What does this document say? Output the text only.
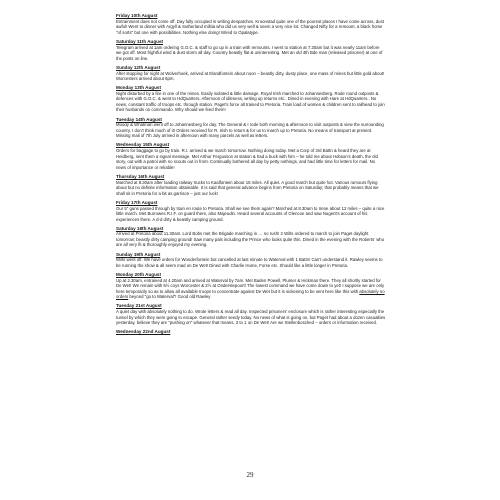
Friday 10th August

Entrainment does not come off. Day fully occupied in writing despatches. Kroonstad quite one of the poorest places I have come across, dust awful! Went to dinner with Argyll & Sutherland militia who did us very well & seem a very nice lot. Changed Nifty for a remount, a black horse "of sorts" but one with possibilities. Nothing else doing! Wired to Opalatype.

Saturday 11th August

Telegram arrived at 1am ordering G.O.C. & staff to go up in a train with remounts. I went to station at 7.30am but it was nearly 11am before we got off. Most frightful wind & dust storm all day. Country beastly flat & uninteresting. Met an old 4th Bde man (released prisoner) at one of the posts on line.

Sunday 12th August

After stopping for night at Wolverhoek, arrived at Elandfontein about noon – beastly dirty, dusty place, one mass of mines but little gold about! Worcesters arrived about 6pm.

Monday 13th August

Night disturbed by a fire in one of the mines. Easily isolated & little damage. Royal Irish marched to Johannesberg. Rode round outposts & defences with G.O.C. & went to HdQuarters. Afternoon of idleness, writing up returns etc.. Dined in evening with Hare at HdQuarters.. No news, constant traffic of troops etc. through station. Paget's force all trained to Pretoria. Train load of women & children sent to railhead to join their husbands on commando. Why should we feed them!

Tuesday 14th August

Moody & Whatman went off to Johannesberg for day. The General & I rode both morning & afternoon to visit outposts & view the surrounding country. I don't think much of it! Orders received for R. Irish to return & for us to march up to Pretoria. No means of transport at present. Missing mail of 7th July arrived in afternoon with many parcels as well as letters.

Wednesday 15th August

Orders for baggage to go by train. R.I. arrived & we march tomorrow. Nothing doing today. Met a Corp of 3rd Battn & heard they are at Heidberg, sent them a signal message. Met Arthur Fergusson at station & had a buck with him – he told me about Hobson's death, the old story, out with a patrol with no scouts out in front. Continually bothered all day by petty nothings, and had little time for letters for mail. No news of importance or reliable!

Thursday 16th August

Marched at 8.30am after loading railway trucks to Kaalfontein about 15 miles. All quiet. A good march but quite hot. Various rumours flying about but no definite information obtainable. It is said that general advance begins from Pretoria on Saturday; that probably means that we shall sit in Pretoria for a bit as garrison – just our luck!

Friday 17th August

Our 5" guns passed through by train en route to Pretoria. Shall we see them again? Marched at 8.30am to Irene about 12 miles – quite a nice little march. Met Burrowes R.I.F. on guard there, also Majeudin. Heard several accounts of Glencoe and saw Nugent's account of his experiences there. A d-d dirty & beastly camping ground.

Saturday 18th August

Arrived at Pretoria about 11.30am. Lord Bobs met the Brigade marching in … no rush! 2 Wilts ordered to march to join Paget daylight tomorrow; beastly dirty camping ground! Saw many pals including the Prince who looks quite thin. Dined in the evening with the Roberts' who are all very fit & thoroughly enjoyed my evening.

Sunday 19th August

Wilts went off. We have orders for Wonderfontein but cancelled at last minute to Waterval with 1 Battn! Can't understand it. Rawley seems to be running the show & all seem mad on De Wet! Dined with Charlie Hume, Forse etc. Should like a little longer in Pretoria.

Monday 20th August

Up at 2.30am, entrained at 4.20am and arrived at Waterval by 7am. Met Baden Powell, Plumer & Hickman there. They all shortly started for De Wet! We remain with 5½ coys Worcester & 2½ at Onderstepoort! The lowest command we have come down to yet! I suppose we are only here temporarily so as to allow all available troops to concentrate against De Wet but it is sickening to be sent here like this with absolutely no orders beyond "go to Waterval"! Good old Rawley

Tuesday 21st August

A quiet day with absolutely nothing to do. Wrote letters & read all day. Inspected prisoners' enclosure which is rather interesting especially the tunnel by which they were going to escape. General rather seedy today. No news of what is going on, but Paget had about a dozen casualties yesterday, believe they are "pushing on" whatever that means, 3 to 1 on De Wet! Are we Stellenbosched – orders or information received.

Wednesday 22nd August

29
